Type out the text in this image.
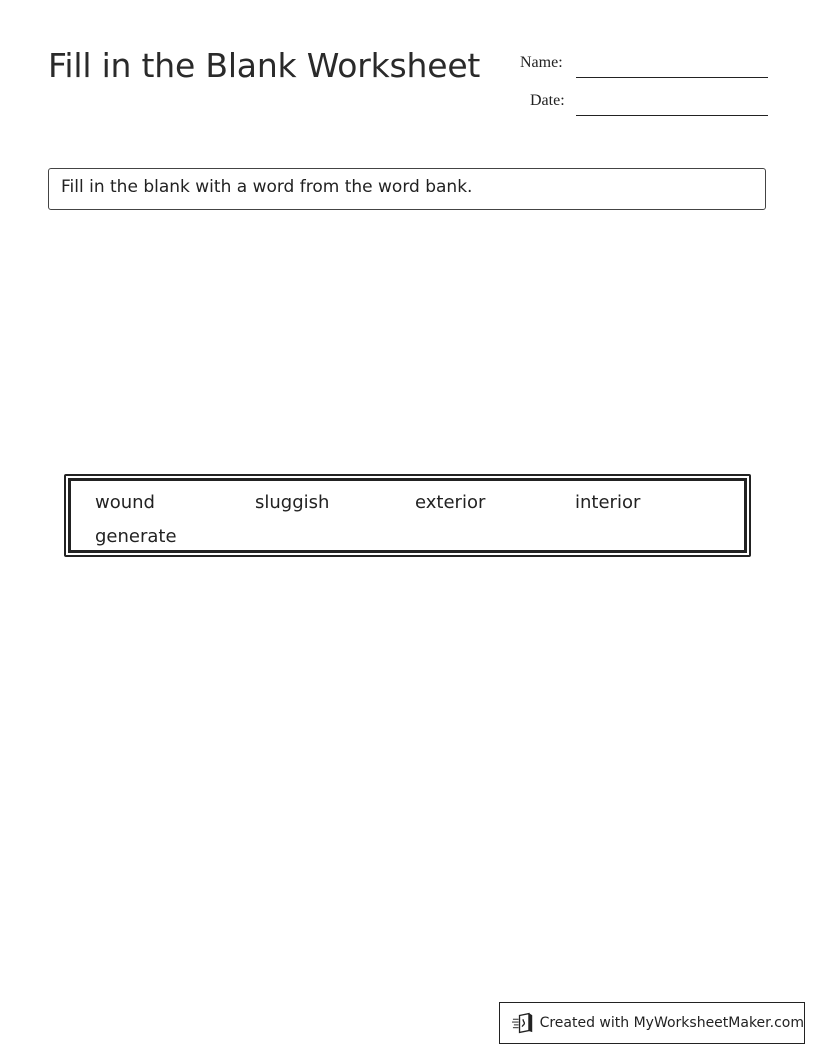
Fill in the Blank Worksheet Name:
Date:
Fill in the blank with a word from the word bank.
wound	sluggish	exterior	interior
generate
Created with MyWorksheetMaker.com
